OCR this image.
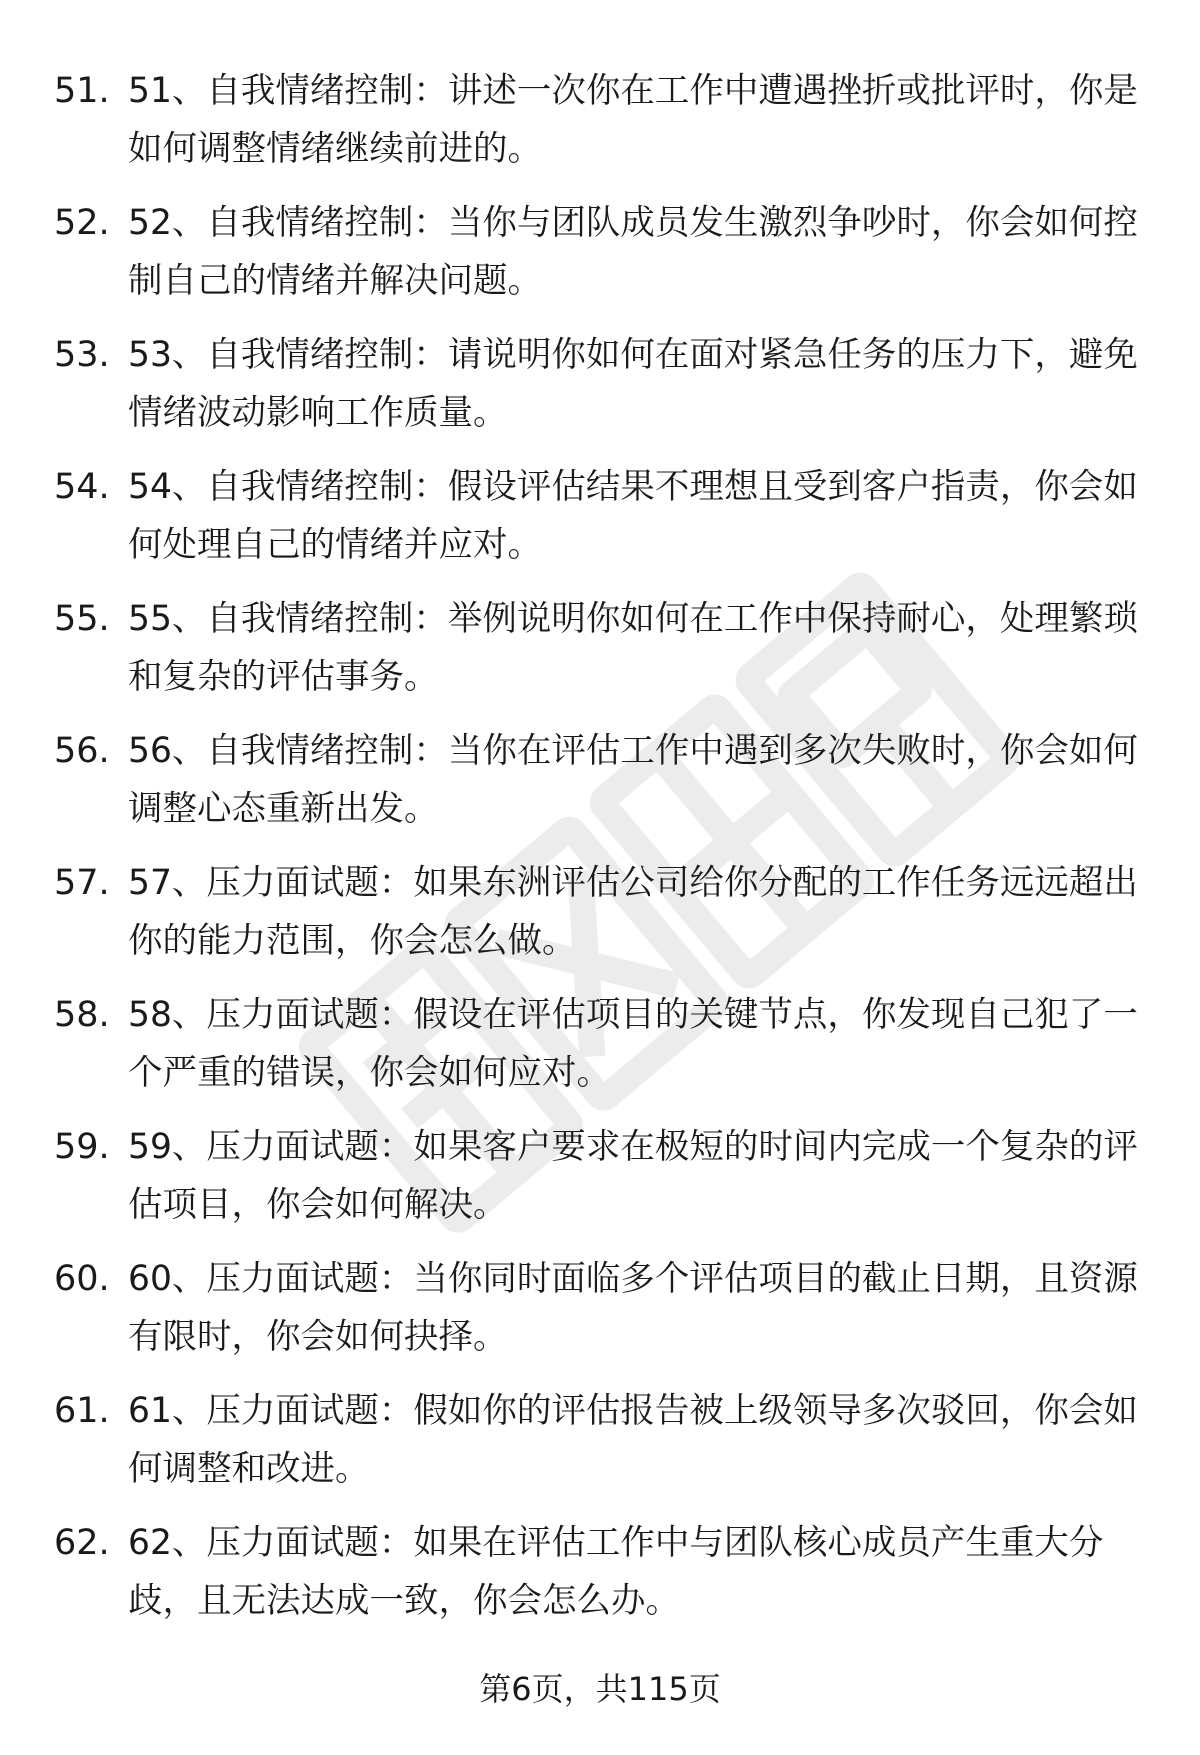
51. 51、自我情绪控制：讲述一次你在工作中遭遇挫折或批评时，你是如何调整情绪继续前进的。
52. 52、自我情绪控制：当你与团队成员发生激烈争吵时，你会如何控制自己的情绪并解决问题。
53. 53、自我情绪控制：请说明你如何在面对紧急任务的压力下，避免情绪波动影响工作质量。
54. 54、自我情绪控制：假设评估结果不理想且受到客户指责，你会如何处理自己的情绪并应对。
55. 55、自我情绪控制：举例说明你如何在工作中保持耐心，处理繁琐和复杂的评估事务。
56. 56、自我情绪控制：当你在评估工作中遇到多次失败时，你会如何调整心态重新出发。
57. 57、压力面试题：如果东洲评估公司给你分配的工作任务远远超出你的能力范围，你会怎么做。
58. 58、压力面试题：假设在评估项目的关键节点，你发现自己犯了一个严重的错误，你会如何应对。
59. 59、压力面试题：如果客户要求在极短的时间内完成一个复杂的评估项目，你会如何解决。
60. 60、压力面试题：当你同时面临多个评估项目的截止日期，且资源有限时，你会如何抉择。
61. 61、压力面试题：假如你的评估报告被上级领导多次驳回，你会如何调整和改进。
62. 62、压力面试题：如果在评估工作中与团队核心成员产生重大分歧，且无法达成一致，你会怎么办。
第6页，共115页
